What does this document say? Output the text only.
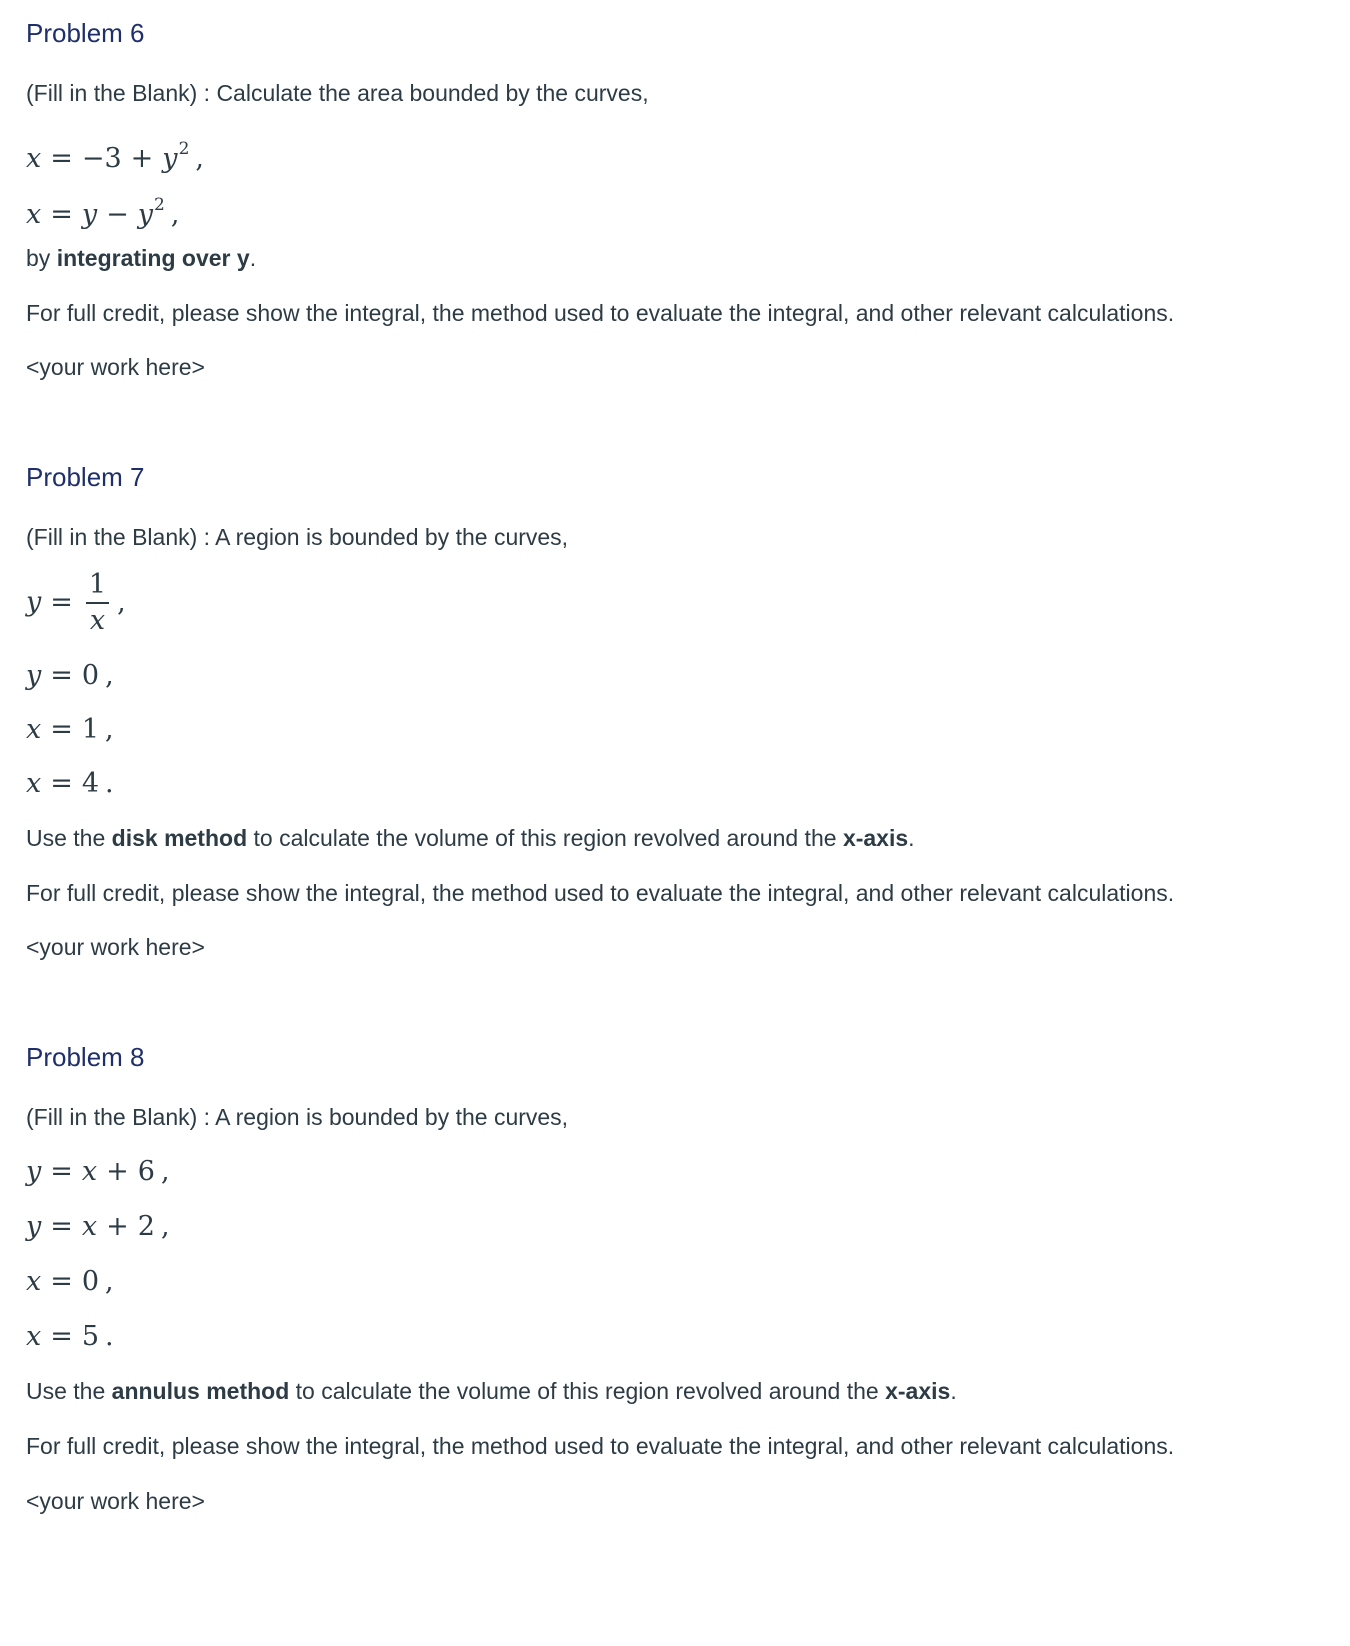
Problem 6

(Fill in the Blank) : Calculate the area bounded by the curves,

$x = -3 + y^2$ ,
$x = y - y^2$ ,

by integrating over y.

For full credit, please show the integral, the method used to evaluate the integral, and other relevant calculations.

<your work here>

Problem 7

(Fill in the Blank) : A region is bounded by the curves,

$y = \frac{1}{x}$ ,
y = 0 ,
x = 1 ,
x = 4 .

Use the disk method to calculate the volume of this region revolved around the x-axis.

For full credit, please show the integral, the method used to evaluate the integral, and other relevant calculations.

<your work here>

Problem 8

(Fill in the Blank) : A region is bounded by the curves,

y = x + 6 ,
y = x + 2 ,
x = 0 ,
x = 5 .

Use the annulus method to calculate the volume of this region revolved around the x-axis.

For full credit, please show the integral, the method used to evaluate the integral, and other relevant calculations.

<your work here>
